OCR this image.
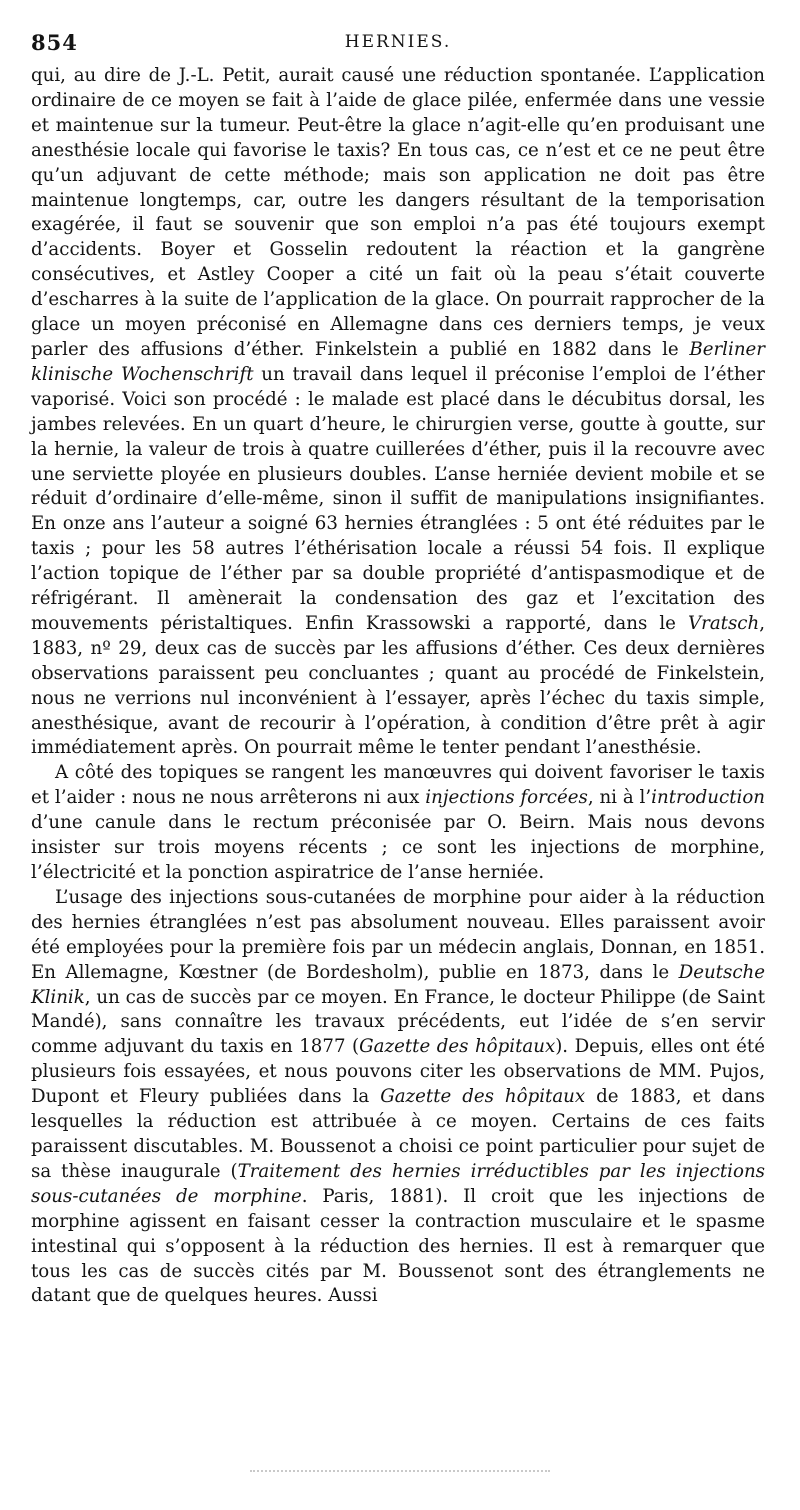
854	HERNIES.

qui, au dire de J.-L. Petit, aurait causé une réduction spontanée. L’application ordinaire de ce moyen se fait à l’aide de glace pilée, enfermée dans une vessie et maintenue sur la tumeur. Peut-être la glace n’agit-elle qu’en produisant une anesthésie locale qui favorise le taxis? En tous cas, ce n’est et ce ne peut être qu’un adjuvant de cette méthode; mais son application ne doit pas être maintenue longtemps, car, outre les dangers résultant de la temporisation exagérée, il faut se souvenir que son emploi n’a pas été toujours exempt d’accidents. Boyer et Gosselin redoutent la réaction et la gangrène consécutives, et Astley Cooper a cité un fait où la peau s’était couverte d’escharres à la suite de l’application de la glace. On pourrait rapprocher de la glace un moyen préconisé en Allemagne dans ces derniers temps, je veux parler des affusions d’éther. Finkelstein a publié en 1882 dans le Berliner klinische Wochenschrift un travail dans lequel il préconise l’emploi de l’éther vaporisé. Voici son procédé : le malade est placé dans le décubitus dorsal, les jambes relevées. En un quart d’heure, le chirurgien verse, goutte à goutte, sur la hernie, la valeur de trois à quatre cuillerées d’éther, puis il la recouvre avec une serviette ployée en plusieurs doubles. L’anse herniée devient mobile et se réduit d’ordinaire d’elle-même, sinon il suffit de manipulations insignifiantes. En onze ans l’auteur a soigné 63 hernies étranglées : 5 ont été réduites par le taxis ; pour les 58 autres l’éthérisation locale a réussi 54 fois. Il explique l’action topique de l’éther par sa double propriété d’antispasmodique et de réfrigérant. Il amènerait la condensation des gaz et l’excitation des mouvements péristaltiques. Enfin Krassowski a rapporté, dans le Vratsch, 1883, nº 29, deux cas de succès par les affusions d’éther. Ces deux dernières observations paraissent peu concluantes ; quant au procédé de Finkelstein, nous ne verrions nul inconvénient à l’essayer, après l’échec du taxis simple, anesthésique, avant de recourir à l’opération, à condition d’être prêt à agir immédiatement après. On pourrait même le tenter pendant l’anesthésie.

A côté des topiques se rangent les manœuvres qui doivent favoriser le taxis et l’aider : nous ne nous arrêterons ni aux injections forcées, ni à l’introduction d’une canule dans le rectum préconisée par O. Beirn. Mais nous devons insister sur trois moyens récents ; ce sont les injections de morphine, l’électricité et la ponction aspiratrice de l’anse herniée.

L’usage des injections sous-cutanées de morphine pour aider à la réduction des hernies étranglées n’est pas absolument nouveau. Elles paraissent avoir été employées pour la première fois par un médecin anglais, Donnan, en 1851. En Allemagne, Kœstner (de Bordesholm), publie en 1873, dans le Deutsche Klinik, un cas de succès par ce moyen. En France, le docteur Philippe (de Saint Mandé), sans connaître les travaux précédents, eut l’idée de s’en servir comme adjuvant du taxis en 1877 (Gazette des hôpitaux). Depuis, elles ont été plusieurs fois essayées, et nous pouvons citer les observations de MM. Pujos, Dupont et Fleury publiées dans la Gazette des hôpitaux de 1883, et dans lesquelles la réduction est attribuée à ce moyen. Certains de ces faits paraissent discutables. M. Boussenot a choisi ce point particulier pour sujet de sa thèse inaugurale (Traitement des hernies irréductibles par les injections sous-cutanées de morphine. Paris, 1881). Il croit que les injections de morphine agissent en faisant cesser la contraction musculaire et le spasme intestinal qui s’opposent à la réduction des hernies. Il est à remarquer que tous les cas de succès cités par M. Boussenot sont des étranglements ne datant que de quelques heures. Aussi
